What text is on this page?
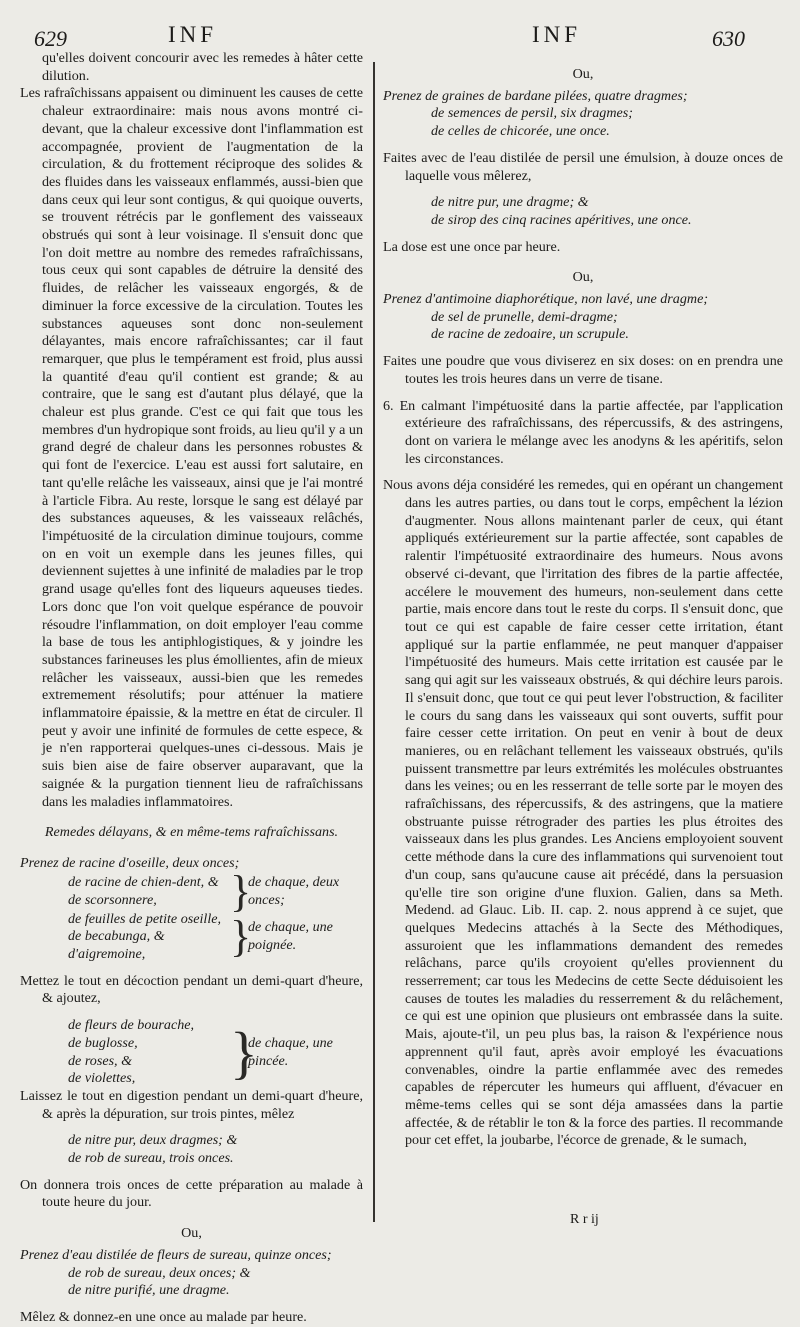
629	INF	INF	630

qu'elles doivent concourir avec les remedes à hâter cette dilution.

Les rafraîchissans appaisent ou diminuent les causes de cette chaleur extraordinaire: mais nous avons montré ci-devant, que la chaleur excessive dont l'inflammation est accompagnée, provient de l'augmentation de la circulation, & du frottement réciproque des solides & des fluides dans les vaisseaux enflammés, aussi-bien que dans ceux qui leur sont contigus, & qui quoique ouverts, se trouvent rétrécis par le gonflement des vaisseaux obstrués qui sont à leur voisinage. Il s'ensuit donc que l'on doit mettre au nombre des remedes rafraîchissans, tous ceux qui sont capables de détruire la densité des fluides, de relâcher les vaisseaux engorgés, & de diminuer la force excessive de la circulation. Toutes les substances aqueuses sont donc non-seulement délayantes, mais encore rafraîchissantes; car il faut remarquer, que plus le tempérament est froid, plus aussi la quantité d'eau qu'il contient est grande; & au contraire, que le sang est d'autant plus délayé, que la chaleur est plus grande. C'est ce qui fait que tous les membres d'un hydropique sont froids, au lieu qu'il y a un grand degré de chaleur dans les personnes robustes & qui font de l'exercice. L'eau est aussi fort salutaire, en tant qu'elle relâche les vaisseaux, ainsi que je l'ai montré à l'article Fibra. Au reste, lorsque le sang est délayé par des substances aqueuses, & les vaisseaux relâchés, l'impétuosité de la circulation diminue toujours, comme on en voit un exemple dans les jeunes filles, qui deviennent sujettes à une infinité de maladies par le trop grand usage qu'elles font des liqueurs aqueuses tiedes. Lors donc que l'on voit quelque espérance de pouvoir résoudre l'inflammation, on doit employer l'eau comme la base de tous les antiphlogistiques, & y joindre les substances farineuses les plus émollientes, afin de mieux relâcher les vaisseaux, aussi-bien que les remedes extremement résolutifs; pour atténuer la matiere inflammatoire épaissie, & la mettre en état de circuler. Il peut y avoir une infinité de formules de cette espece, & je n'en rapporterai quelques-unes ci-dessous. Mais je suis bien aise de faire observer auparavant, que la saignée & la purgation tiennent lieu de rafraîchissans dans les maladies inflammatoires.

Remedes délayans, & en même-tems rafraîchissans.

Prenez de racine d'oseille, deux onces;

de racine de chien-dent, &
de scorsonnere,	}
de chaque, deux onces;
de feuilles de petite oseille,
de becabunga, &
d'aigremoine,	}
de chaque, une poignée.

Mettez le tout en décoction pendant un demi-quart d'heure, & ajoutez,

de fleurs de bourache,
de buglosse,
de roses, &
de violettes,	}
de chaque, une pincée.

Laissez le tout en digestion pendant un demi-quart d'heure, & après la dépuration, sur trois pintes, mêlez

de nitre pur, deux dragmes; &
de rob de sureau, trois onces.

On donnera trois onces de cette préparation au malade à toute heure du jour.

Ou,

Prenez d'eau distilée de fleurs de sureau, quinze onces;

de rob de sureau, deux onces; &
de nitre purifié, une dragme.

Mêlez & donnez-en une once au malade par heure.

Ou,

Prenez de graines de bardane pilées, quatre dragmes;

de semences de persil, six dragmes;
de celles de chicorée, une once.

Faites avec de l'eau distilée de persil une émulsion, à douze onces de laquelle vous mêlerez,

de nitre pur, une dragme; &
de sirop des cinq racines apéritives, une once.

La dose est une once par heure.

Ou,

Prenez d'antimoine diaphorétique, non lavé, une dragme;

de sel de prunelle, demi-dragme;
de racine de zedoaire, un scrupule.

Faites une poudre que vous diviserez en six doses: on en prendra une toutes les trois heures dans un verre de tisane.

6. En calmant l'impétuosité dans la partie affectée, par l'application extérieure des rafraîchissans, des répercussifs, & des astringens, dont on variera le mélange avec les anodyns & les apéritifs, selon les circonstances.

Nous avons déja considéré les remedes, qui en opérant un changement dans les autres parties, ou dans tout le corps, empêchent la lézion d'augmenter. Nous allons maintenant parler de ceux, qui étant appliqués extérieurement sur la partie affectée, sont capables de ralentir l'impétuosité extraordinaire des humeurs. Nous avons observé ci-devant, que l'irritation des fibres de la partie affectée, accélere le mouvement des humeurs, non-seulement dans cette partie, mais encore dans tout le reste du corps. Il s'ensuit donc, que tout ce qui est capable de faire cesser cette irritation, étant appliqué sur la partie enflammée, ne peut manquer d'appaiser l'impétuosité des humeurs. Mais cette irritation est causée par le sang qui agit sur les vaisseaux obstrués, & qui déchire leurs parois. Il s'ensuit donc, que tout ce qui peut lever l'obstruction, & faciliter le cours du sang dans les vaisseaux qui sont ouverts, suffit pour faire cesser cette irritation. On peut en venir à bout de deux manieres, ou en relâchant tellement les vaisseaux obstrués, qu'ils puissent transmettre par leurs extrémités les molécules obstruantes dans les veines; ou en les resserrant de telle sorte par le moyen des rafraîchissans, des répercussifs, & des astringens, que la matiere obstruante puisse rétrograder des parties les plus étroites des vaisseaux dans les plus grandes. Les Anciens employoient souvent cette méthode dans la cure des inflammations qui survenoient tout d'un coup, sans qu'aucune cause ait précédé, dans la persuasion qu'elle tire son origine d'une fluxion. Galien, dans sa Meth. Medend. ad Glauc. Lib. II. cap. 2. nous apprend à ce sujet, que quelques Medecins attachés à la Secte des Méthodiques, assuroient que les inflammations demandent des remedes relâchans, parce qu'ils croyoient qu'elles proviennent du resserrement; car tous les Medecins de cette Secte déduisoient les causes de toutes les maladies du resserrement & du relâchement, ce qui est une opinion que plusieurs ont embrassée dans la suite. Mais, ajoute-t'il, un peu plus bas, la raison & l'expérience nous apprennent qu'il faut, après avoir employé les évacuations convenables, oindre la partie enflammée avec des remedes capables de répercuter les humeurs qui affluent, d'évacuer en même-tems celles qui se sont déja amassées dans la partie affectée, & de rétablir le ton & la force des parties. Il recommande pour cet effet, la joubarbe, l'écorce de grenade, & le sumach,

R r ij
